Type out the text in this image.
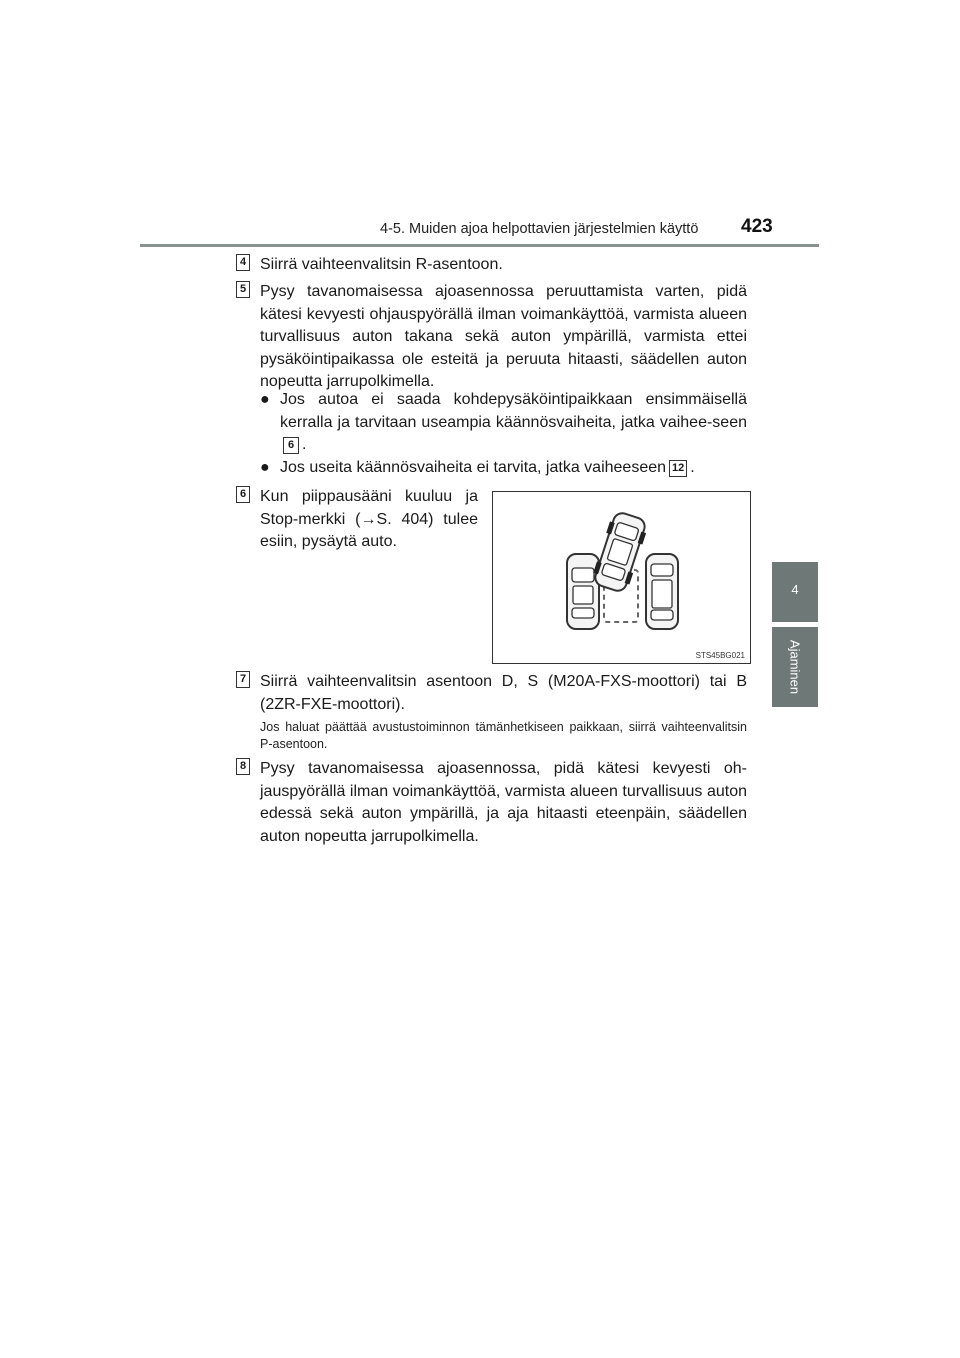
4-5. Muiden ajoa helpottavien järjestelmien käyttö 423
4
Ajaminen
4 Siirrä vaihteenvalitsin R-asentoon.

5 Pysy tavanomaisessa ajoasennossa peruuttamista varten, pidä kätesi kevyesti ohjauspyörällä ilman voimankäyttöä, varmista alueen turvallisuus auton takana sekä auton ympärillä, varmista ettei pysäköintipaikassa ole esteitä ja peruuta hitaasti, säädellen auton nopeutta jarrupolkimella.

● Jos autoa ei saada kohdepysäköintipaikkaan ensimmäisellä kerralla ja tarvitaan useampia käännösvaiheita, jatka vaihee-seen6 .
● Jos useita käännösvaiheita ei tarvita, jatka vaiheeseen 12 .
6 Kun piippausääni kuuluu ja Stop-merkki (→S. 404) tulee esiin, pysäytä auto.

STS45BG021
7 Siirrä vaihteenvalitsin asentoon D, S (M20A-FXS-moottori) tai B (2ZR-FXE-moottori).

Jos haluat päättää avustustoiminnon tämänhetkiseen paikkaan, siirrä vaihteenvalitsin P-asentoon.

8 Pysy tavanomaisessa ajoasennossa, pidä kätesi kevyesti oh-jauspyörällä ilman voimankäyttöä, varmista alueen turvallisuus auton edessä sekä auton ympärillä, ja aja hitaasti eteenpäin, säädellen auton nopeutta jarrupolkimella.
